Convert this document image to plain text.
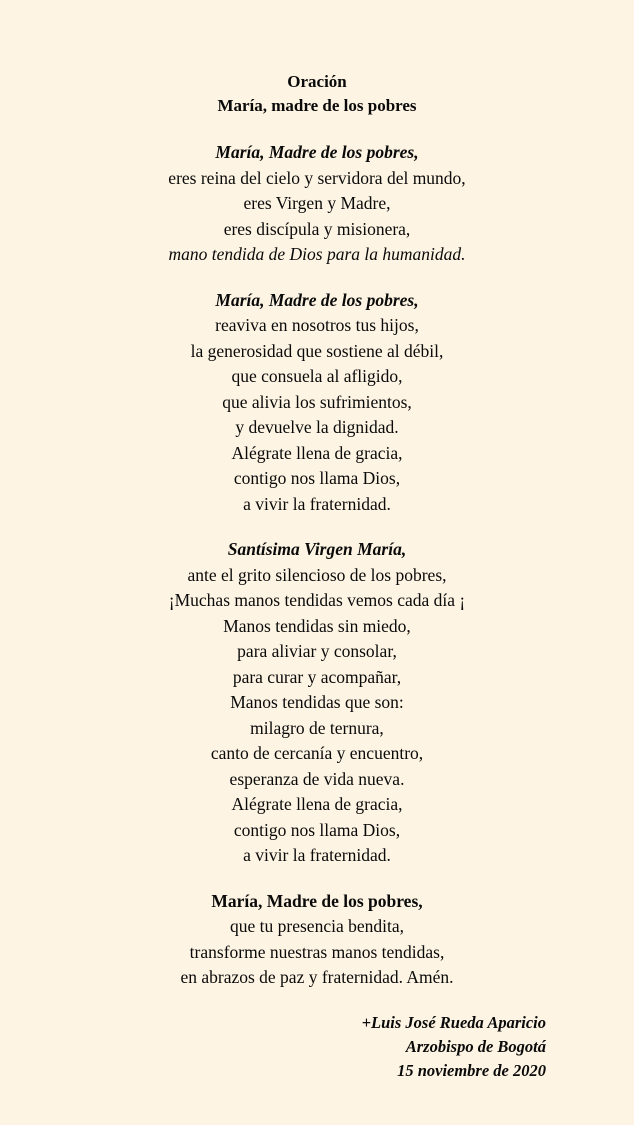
Oración
María, madre de los pobres
María, Madre de los pobres,
eres reina del cielo y servidora del mundo,
eres Virgen y Madre,
eres discípula y misionera,
mano tendida de Dios para la humanidad.
María, Madre de los pobres,
reaviva en nosotros tus hijos,
la generosidad que sostiene al débil,
que consuela al afligido,
que alivia los sufrimientos,
y devuelve la dignidad.
Alégrate llena de gracia,
contigo nos llama Dios,
a vivir la fraternidad.
Santísima Virgen María,
ante el grito silencioso de los pobres,
¡Muchas manos tendidas vemos cada día ¡
Manos tendidas sin miedo,
para aliviar y consolar,
para curar y acompañar,
Manos tendidas que son:
milagro de ternura,
canto de cercanía y encuentro,
esperanza de vida nueva.
Alégrate llena de gracia,
contigo nos llama Dios,
a vivir la fraternidad.
María, Madre de los pobres,
que tu presencia bendita,
transforme nuestras manos tendidas,
en abrazos de paz y fraternidad. Amén.
+Luis José Rueda Aparicio
Arzobispo de Bogotá
15 noviembre de 2020
